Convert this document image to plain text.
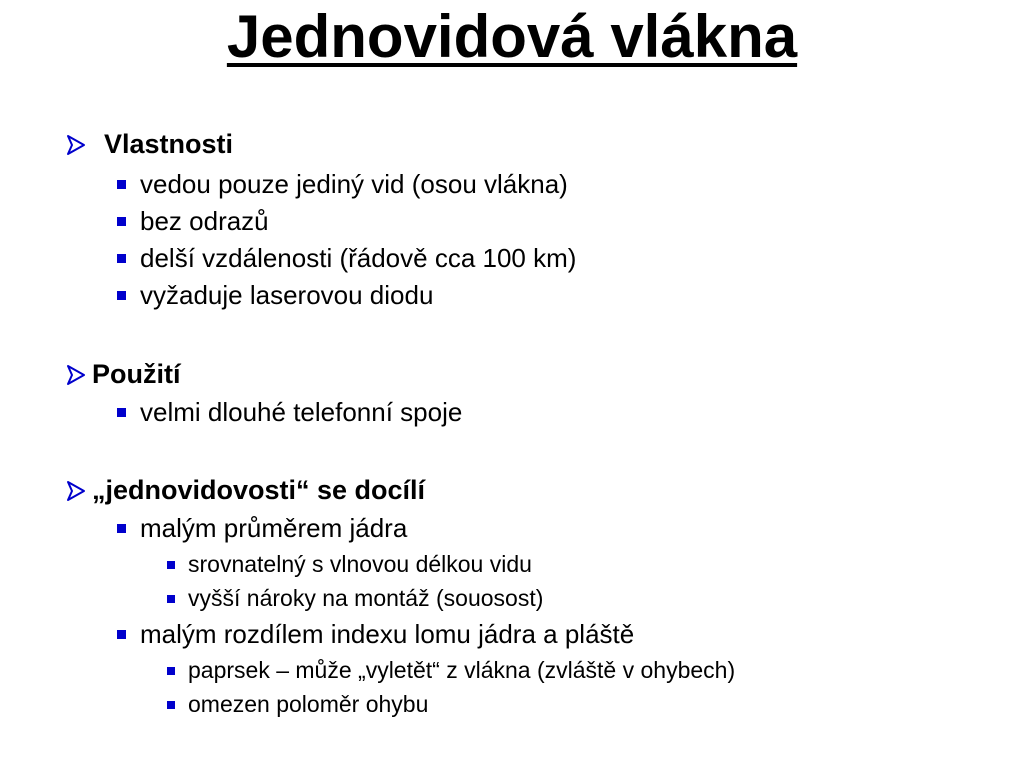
Jednovidová vlákna
Vlastnosti
vedou pouze jediný vid (osou vlákna)
bez odrazů
delší vzdálenosti (řádově cca 100 km)
vyžaduje laserovou diodu
Použití
velmi dlouhé telefonní spoje
„jednovidovosti“ se docílí
malým průměrem jádra
srovnatelný s vlnovou délkou vidu
vyšší nároky na montáž (souosost)
malým rozdílem indexu lomu jádra a pláště
paprsek – může „vyletět“ z vlákna (zvláště v ohybech)
omezen poloměr ohybu
